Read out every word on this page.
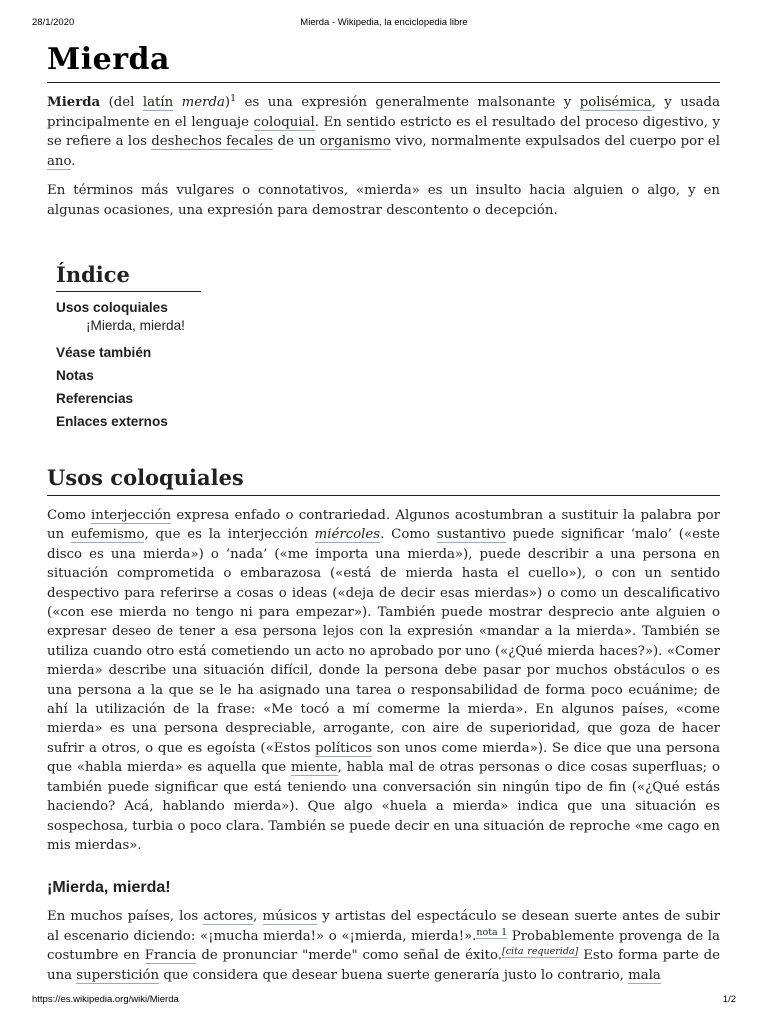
28/1/2020	Mierda - Wikipedia, la enciclopedia libre
Mierda

Mierda (del latín merda)$^1$ es una expresión generalmente malsonante y polisémica, y usada principalmente en el lenguaje coloquial. En sentido estricto es el resultado del proceso digestivo, y se refiere a los deshechos fecales de un organismo vivo, normalmente expulsados del cuerpo por el ano.

En términos más vulgares o connotativos, «mierda» es un insulto hacia alguien o algo, y en algunas ocasiones, una expresión para demostrar descontento o decepción.

Índice
Usos coloquiales
¡Mierda, mierda!
Véase también
Notas
Referencias
Enlaces externos
Usos coloquiales

Como interjección expresa enfado o contrariedad. Algunos acostumbran a sustituir la palabra por un eufemismo, que es la interjección miércoles. Como sustantivo puede significar ‘malo’ («este disco es una mierda») o ‘nada’ («me importa una mierda»), puede describir a una persona en situación comprometida o embarazosa («está de mierda hasta el cuello»), o con un sentido despectivo para referirse a cosas o ideas («deja de decir esas mierdas») o como un descalificativo («con ese mierda no tengo ni para empezar»). También puede mostrar desprecio ante alguien o expresar deseo de tener a esa persona lejos con la expresión «mandar a la mierda». También se utiliza cuando otro está cometiendo un acto no aprobado por uno («¿Qué mierda haces?»). «Comer mierda» describe una situación difícil, donde la persona debe pasar por muchos obstáculos o es una persona a la que se le ha asignado una tarea o responsabilidad de forma poco ecuánime; de ahí la utilización de la frase: «Me tocó a mí comerme la mierda». En algunos países, «come mierda» es una persona despreciable, arrogante, con aire de superioridad, que goza de hacer sufrir a otros, o que es egoísta («Estos políticos son unos come mierda»). Se dice que una persona que «habla mierda» es aquella que miente, habla mal de otras personas o dice cosas superfluas; o también puede significar que está teniendo una conversación sin ningún tipo de fin («¿Qué estás haciendo? Acá, hablando mierda»). Que algo «huela a mierda» indica que una situación es sospechosa, turbia o poco clara. También se puede decir en una situación de reproche «me cago en mis mierdas».

¡Mierda, mierda!

En muchos países, los actores, músicos y artistas del espectáculo se desean suerte antes de subir al escenario diciendo: «¡mucha mierda!» o «¡mierda, mierda!».$^{nota 1}$ Probablemente provenga de la costumbre en Francia de pronunciar "merde" como señal de éxito.[cita requerida] Esto forma parte de una superstición que considera que desear buena suerte generaría justo lo contrario, mala

https://es.wikipedia.org/wiki/Mierda	1/2
